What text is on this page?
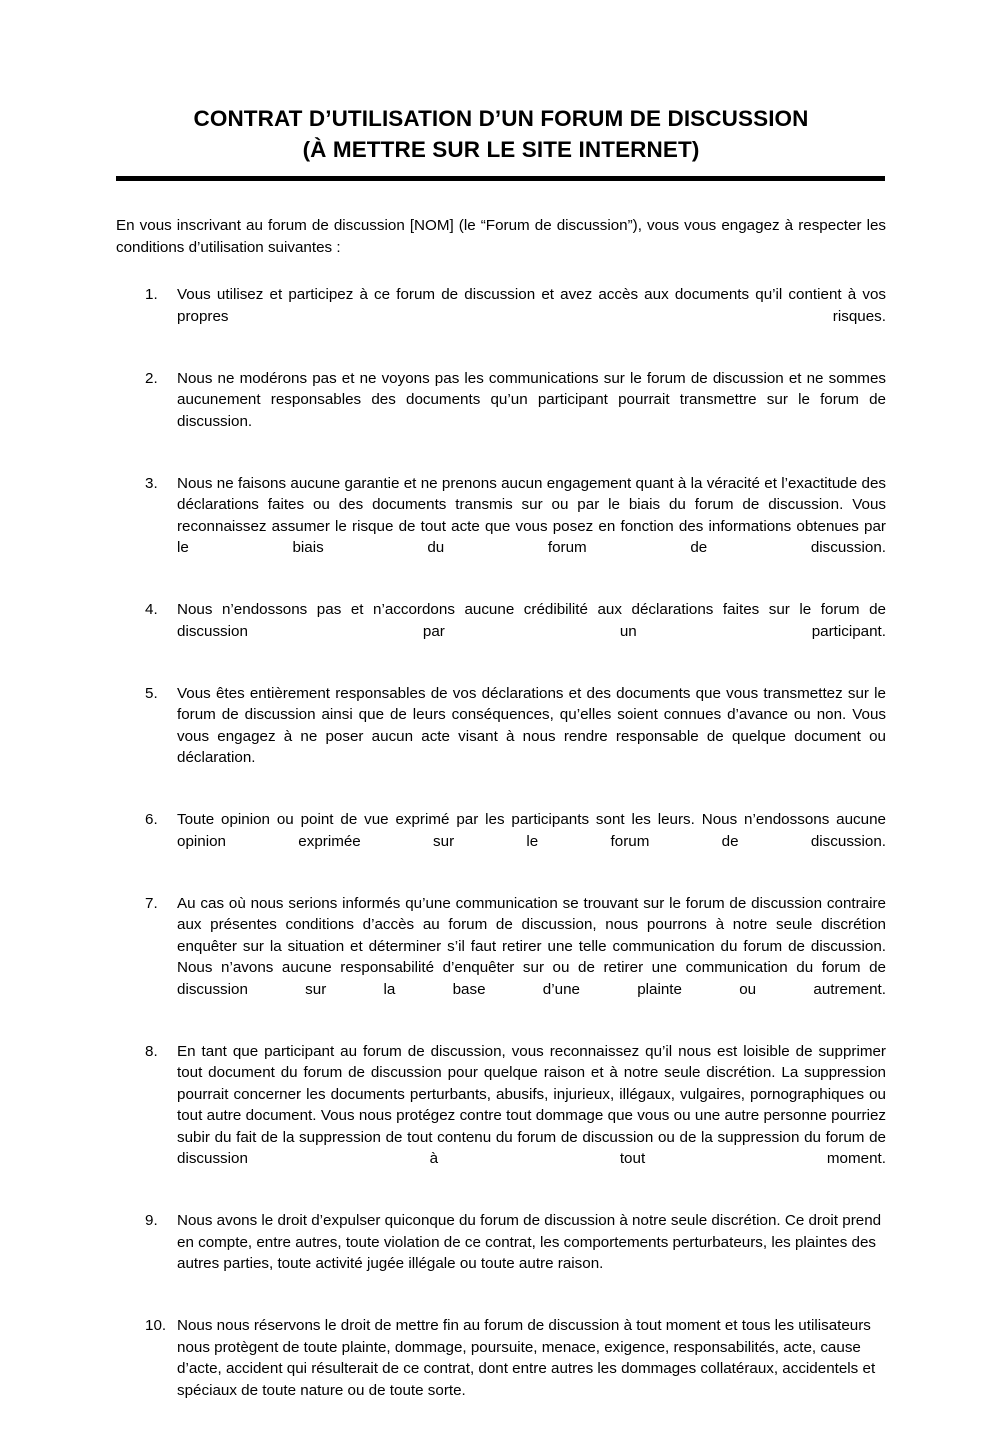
CONTRAT D’UTILISATION D’UN FORUM DE DISCUSSION
(À METTRE SUR LE SITE INTERNET)

En vous inscrivant au forum de discussion [NOM] (le “Forum de discussion”), vous vous engagez à respecter les conditions d’utilisation suivantes :

1.	Vous utilisez et participez à ce forum de discussion et avez accès aux documents qu’il contient à vos propres risques.
2.	Nous ne modérons pas et ne voyons pas les communications sur le forum de discussion et ne sommes aucunement responsables des documents qu’un participant pourrait transmettre sur le forum de discussion.
3.	Nous ne faisons aucune garantie et ne prenons aucun engagement quant à la véracité et l’exactitude des déclarations faites ou des documents transmis sur ou par le biais du forum de discussion. Vous reconnaissez assumer le risque de tout acte que vous posez en fonction des informations obtenues par le biais du forum de discussion.
4.	Nous n’endossons pas et n’accordons aucune crédibilité aux déclarations faites sur le forum de discussion par un participant.
5.	Vous êtes entièrement responsables de vos déclarations et des documents que vous transmettez sur le forum de discussion ainsi que de leurs conséquences, qu’elles soient connues d’avance ou non. Vous vous engagez à ne poser aucun acte visant à nous rendre responsable de quelque document ou déclaration.
6.	Toute opinion ou point de vue exprimé par les participants sont les leurs. Nous n’endossons aucune opinion exprimée sur le forum de discussion.
7.	Au cas où nous serions informés qu’une communication se trouvant sur le forum de discussion contraire aux présentes conditions d’accès au forum de discussion, nous pourrons à notre seule discrétion enquêter sur la situation et déterminer s’il faut retirer une telle communication du forum de discussion. Nous n’avons aucune responsabilité d’enquêter sur ou de retirer une communication du forum de discussion sur la base d’une plainte ou autrement.
8.	En tant que participant au forum de discussion, vous reconnaissez qu’il nous est loisible de supprimer tout document du forum de discussion pour quelque raison et à notre seule discrétion. La suppression pourrait concerner les documents perturbants, abusifs, injurieux, illégaux, vulgaires, pornographiques ou tout autre document. Vous nous protégez contre tout dommage que vous ou une autre personne pourriez subir du fait de la suppression de tout contenu du forum de discussion ou de la suppression du forum de discussion à tout moment.
9.	Nous avons le droit d’expulser quiconque du forum de discussion à notre seule discrétion. Ce droit prend en compte, entre autres, toute violation de ce contrat, les comportements perturbateurs, les plaintes des autres parties, toute activité jugée illégale ou toute autre raison.
10. Nous nous réservons le droit de mettre fin au forum de discussion à tout moment et tous les utilisateurs nous protègent de toute plainte, dommage, poursuite, menace, exigence, responsabilités, acte, cause d’acte, accident qui résulterait de ce contrat, dont entre autres les dommages collatéraux, accidentels et spéciaux de toute nature ou de toute sorte.
